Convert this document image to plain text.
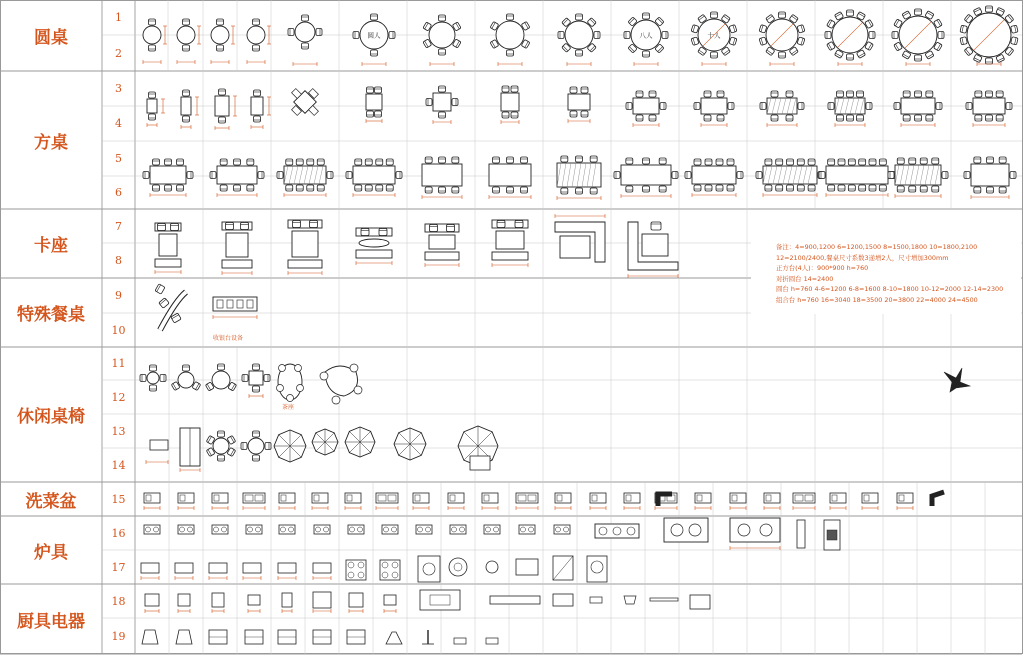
圆人	八人	十人
收银台设备
茶座
圆桌
1
2
方桌
3
4
5
6
卡座
7
8
特殊餐桌
9
10
休闲桌椅
11
12
13
14
洗菜盆	15
炉具
16
17
厨具电器
18
19
备注：4=900,1200 6=1200,1500 8=1500,1800 10=1800,2100
12=2100/2400,餐桌尺寸系数3递增2人，尺寸增加300mm
正方台(4人)：900*900 h=760
对折圆台 14=2400
圆台 h=760 4-6=1200 6-8=1600 8-10=1800 10-12=2000 12-14=2300
组合台 h=760 16=3040 18=3500 20=3800 22=4000 24=4500
